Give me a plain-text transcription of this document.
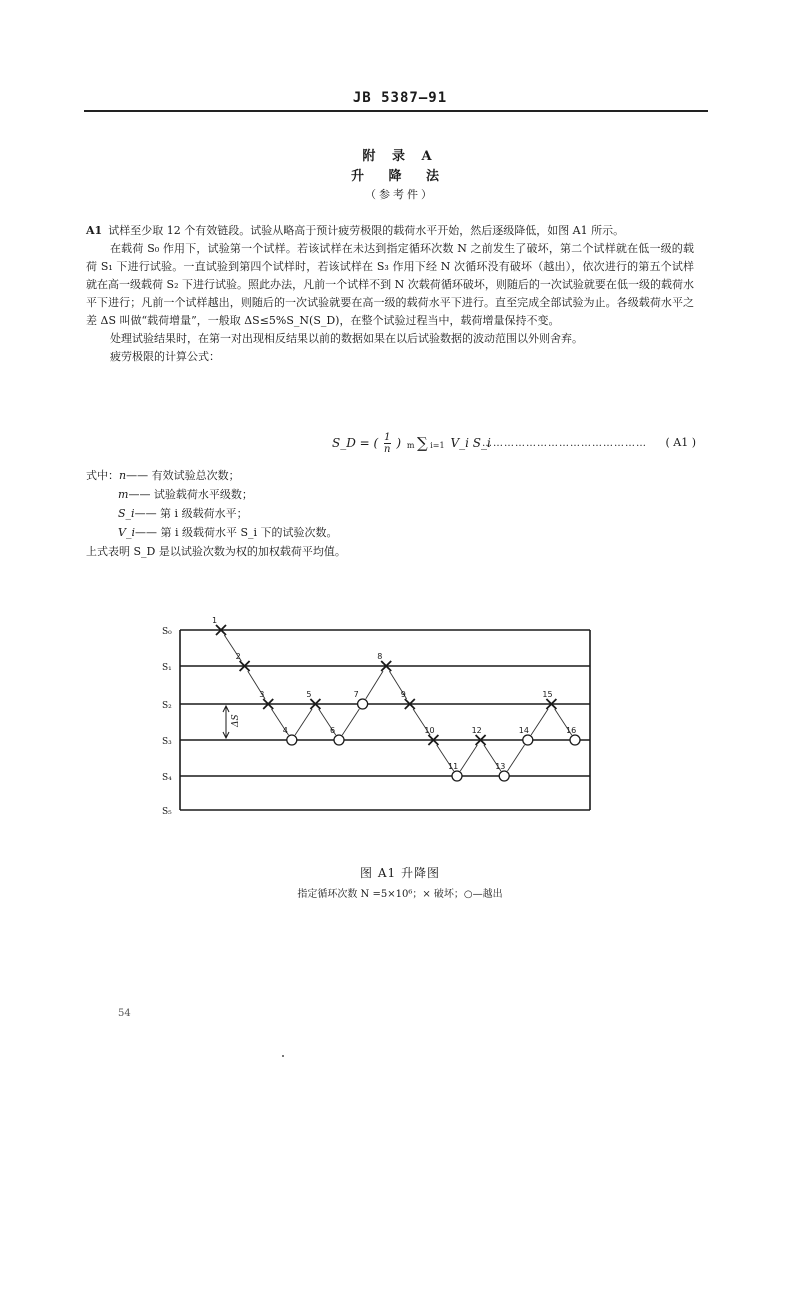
JB 5387—91
附 录 A
升 降 法
（参考件）

A1 试样至少取 12 个有效链段。试验从略高于预计疲劳极限的载荷水平开始，然后逐级降低，如图 A1 所示。

在载荷 S₀ 作用下，试验第一个试样。若该试样在未达到指定循环次数 N 之前发生了破坏，第二个试样就在低一级的载荷 S₁ 下进行试验。一直试验到第四个试样时，若该试样在 S₃ 作用下经 N 次循环没有破坏（越出），依次进行的第五个试样就在高一级载荷 S₂ 下进行试验。照此办法，凡前一个试样不到 N 次载荷循环破坏，则随后的一次试验就要在低一级的载荷水平下进行；凡前一个试样越出，则随后的一次试验就要在高一级的载荷水平下进行。直至完成全部试验为止。各级载荷水平之差 ΔS 叫做“载荷增量”，一般取 ΔS≤5%S_N(S_D)，在整个试验过程当中，载荷增量保持不变。

处理试验结果时，在第一对出现相反结果以前的数据如果在以后试验数据的波动范围以外则舍弃。

疲劳极限的计算公式：

S_D = ( $\frac{1}{n}$ ) m ∑ i=1 V_i S_i
……………………………………… ( A1 )
式中：n—— 有效试验总次数；
m—— 试验载荷水平级数；
S_i—— 第 i 级载荷水平；
V_i—— 第 i 级载荷水平 S_i 下的试验次数。
上式表明 S_D 是以试验次数为权的加权载荷平均值。
S₀
S₁
S₂
S₃
S₄
S₅
ΔS
1
2
3
4
5
6
7
8
9
10
11
12
13
14
15
16
图 A1 升降图
指定循环次数 N =5×10⁶；× 破坏；○—越出
54
